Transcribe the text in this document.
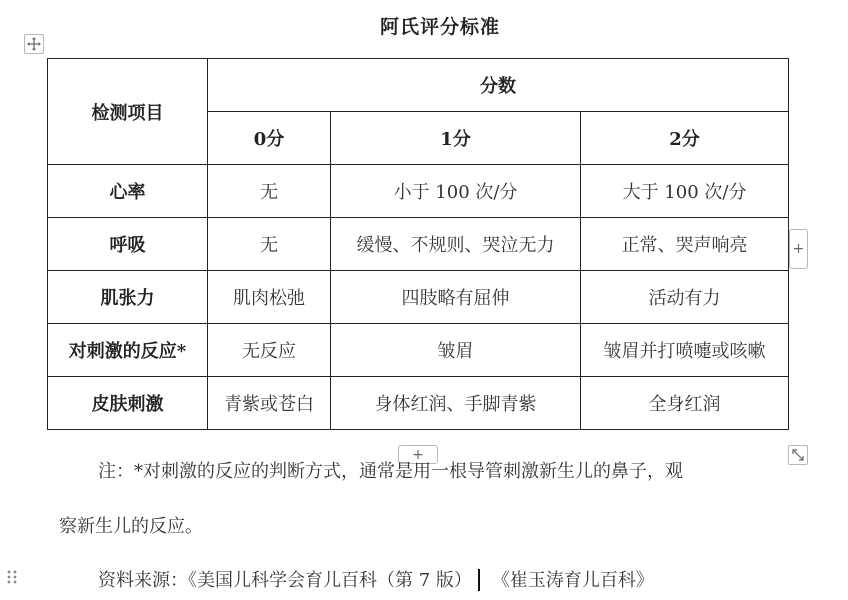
阿氏评分标准
检测项目	分数		
	0分	1分	2分
心率	无	小于 100 次/分	大于 100 次/分
呼吸	无	缓慢、不规则、哭泣无力	正常、哭声响亮
肌张力	肌肉松弛	四肢略有屈伸	活动有力
对刺激的反应*	无反应	皱眉	皱眉并打喷嚏或咳嗽
皮肤刺激	青紫或苍白	身体红润、手脚青紫	全身红润
+
+
注：*对刺激的反应的判断方式，通常是用一根导管刺激新生儿的鼻子，观
察新生儿的反应。
资料来源：《美国儿科学会育儿百科（第 7 版） 《崔玉涛育儿百科》
